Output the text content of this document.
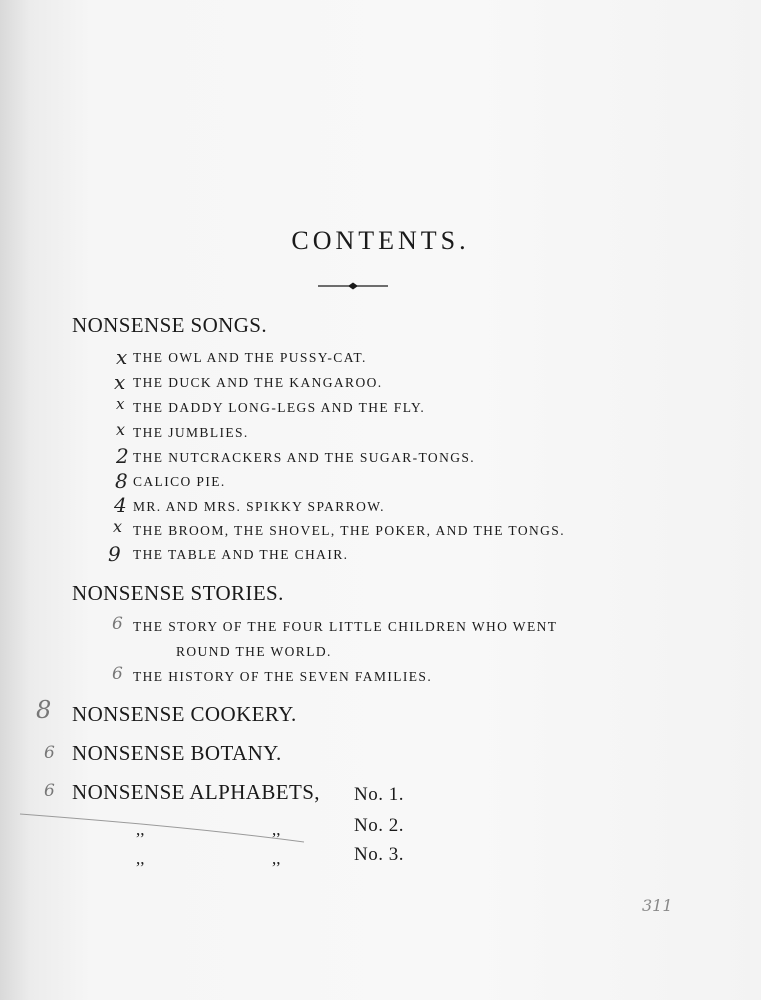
CONTENTS.
NONSENSE SONGS.
x THE OWL AND THE PUSSY-CAT.
x THE DUCK AND THE KANGAROO.
x THE DADDY LONG-LEGS AND THE FLY.
x THE JUMBLIES.
2 THE NUTCRACKERS AND THE SUGAR-TONGS.
8 CALICO PIE.
4 MR. AND MRS. SPIKKY SPARROW.
x THE BROOM, THE SHOVEL, THE POKER, AND THE TONGS.
9 THE TABLE AND THE CHAIR.
NONSENSE STORIES.
6 THE STORY OF THE FOUR LITTLE CHILDREN WHO WENT
ROUND THE WORLD.
6 THE HISTORY OF THE SEVEN FAMILIES.
8 NONSENSE COOKERY.
6 NONSENSE BOTANY.
6 NONSENSE ALPHABETS, No. 1.
,,	,,	No. 2.
,,	,,	No. 3.
311
